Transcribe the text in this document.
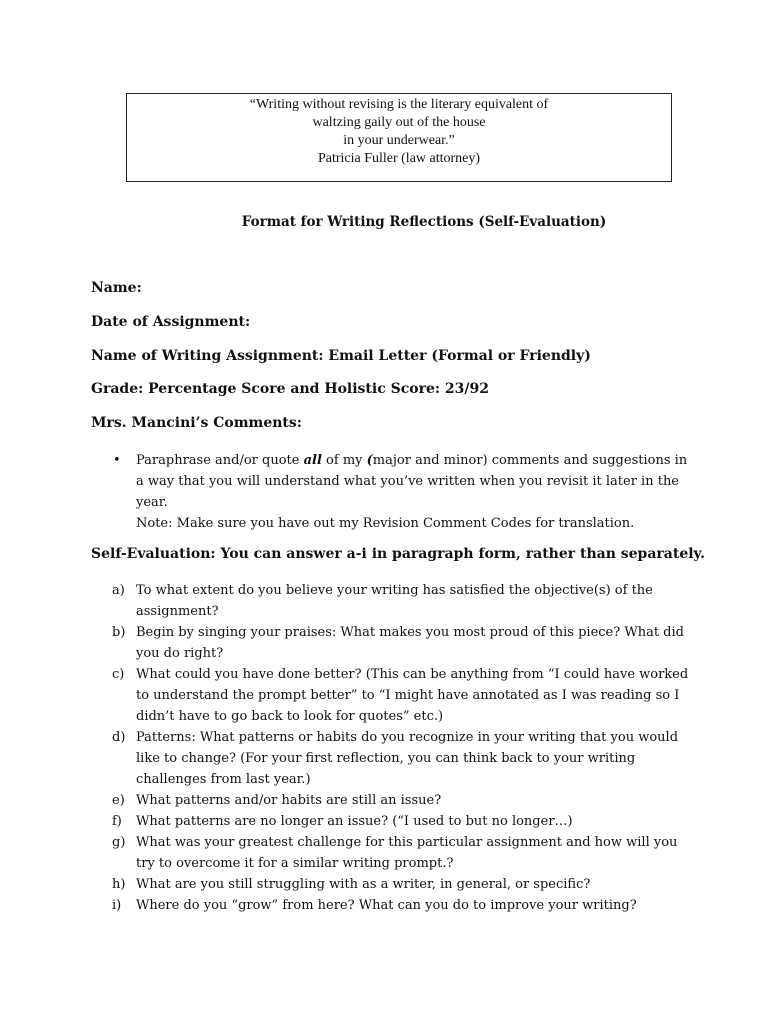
“Writing without revising is the literary equivalent of
waltzing gaily out of the house
in your underwear.”
Patricia Fuller (law attorney)
Format for Writing Reflections (Self-Evaluation)
Name:
Date of Assignment:
Name of Writing Assignment: Email Letter (Formal or Friendly)
Grade: Percentage Score and Holistic Score: 23/92
Mrs. Mancini’s Comments:
• Paraphrase and/or quote all of my (major and minor) comments and suggestions in
a way that you will understand what you’ve written when you revisit it later in the
year.
Note: Make sure you have out my Revision Comment Codes for translation.
Self-Evaluation: You can answer a-i in paragraph form, rather than separately.
a) To what extent do you believe your writing has satisfied the objective(s) of the
assignment?
b) Begin by singing your praises: What makes you most proud of this piece? What did
you do right?
c) What could you have done better? (This can be anything from “I could have worked
to understand the prompt better” to “I might have annotated as I was reading so I
didn’t have to go back to look for quotes” etc.)
d) Patterns: What patterns or habits do you recognize in your writing that you would
like to change? (For your first reflection, you can think back to your writing
challenges from last year.)
e) What patterns and/or habits are still an issue?
f)	What patterns are no longer an issue? (“I used to but no longer…)
g) What was your greatest challenge for this particular assignment and how will you
try to overcome it for a similar writing prompt.?
h) What are you still struggling with as a writer, in general, or specific?
i)	Where do you “grow” from here? What can you do to improve your writing?
